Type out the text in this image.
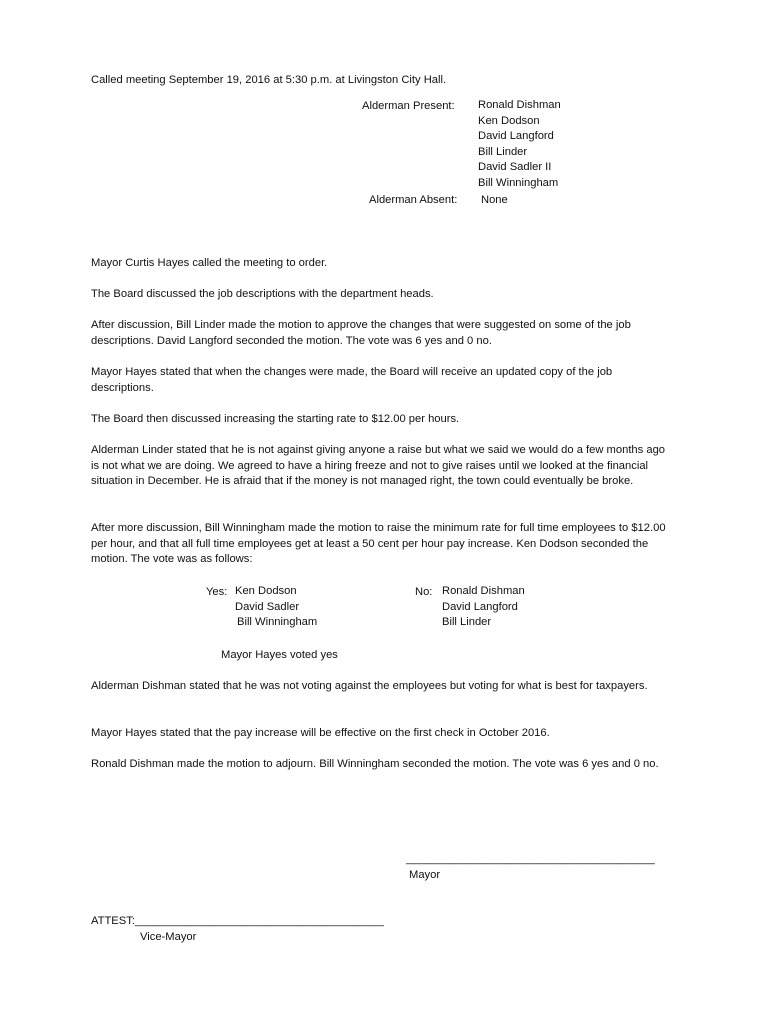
Called meeting September 19, 2016 at 5:30 p.m. at Livingston City Hall.
Alderman Present: Ronald Dishman
Ken Dodson
David Langford
Bill Linder
David Sadler II
Bill Winningham
Alderman Absent: None
Mayor Curtis Hayes called the meeting to order.
The Board discussed the job descriptions with the department heads.
After discussion, Bill Linder made the motion to approve the changes that were suggested on some of the job descriptions. David Langford seconded the motion. The vote was 6 yes and 0 no.
Mayor Hayes stated that when the changes were made, the Board will receive an updated copy of the job descriptions.
The Board then discussed increasing the starting rate to $12.00 per hours.
Alderman Linder stated that he is not against giving anyone a raise but what we said we would do a few months ago is not what we are doing. We agreed to have a hiring freeze and not to give raises until we looked at the financial situation in December. He is afraid that if the money is not managed right, the town could eventually be broke.
After more discussion, Bill Winningham made the motion to raise the minimum rate for full time employees to $12.00 per hour, and that all full time employees get at least a 50 cent per hour pay increase. Ken Dodson seconded the motion. The vote was as follows:
Yes: Ken Dodson
David Sadler
Bill Winningham
No: Ronald Dishman
David Langford
Bill Linder
Mayor Hayes voted yes
Alderman Dishman stated that he was not voting against the employees but voting for what is best for taxpayers.
Mayor Hayes stated that the pay increase will be effective on the first check in October 2016.
Ronald Dishman made the motion to adjourn. Bill Winningham seconded the motion. The vote was 6 yes and 0 no.
________________________________________
Mayor
ATTEST:________________________________________
Vice-Mayor
